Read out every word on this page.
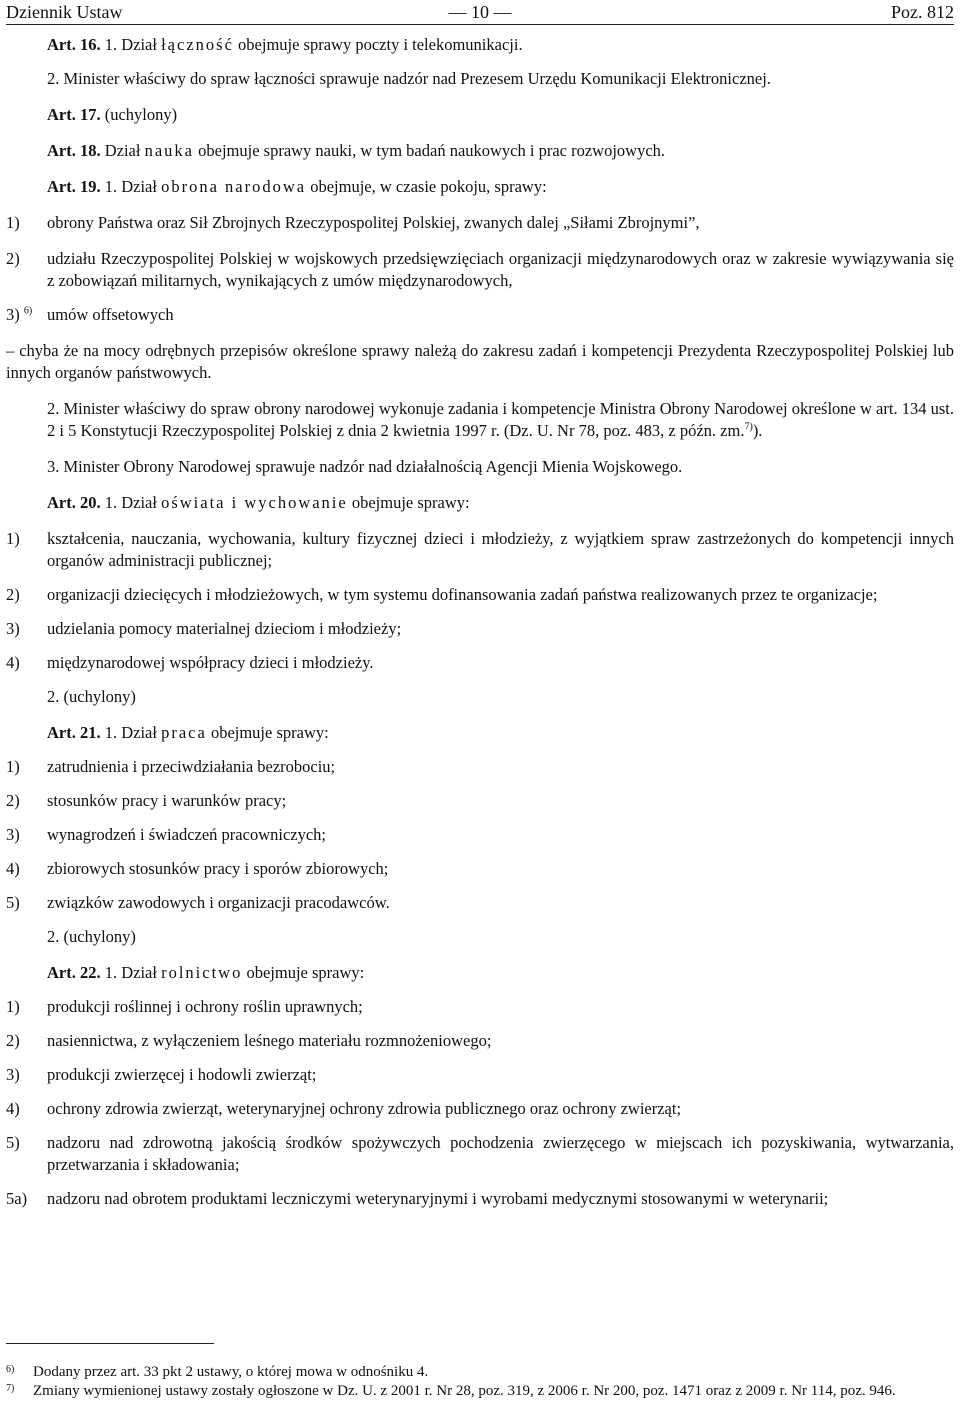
Dziennik Ustaw	— 10 —	Poz. 812

Art. 16. 1. Dział łączność obejmuje sprawy poczty i telekomunikacji.

2. Minister właściwy do spraw łączności sprawuje nadzór nad Prezesem Urzędu Komunikacji Elektronicznej.

Art. 17. (uchylony)

Art. 18. Dział nauka obejmuje sprawy nauki, w tym badań naukowych i prac rozwojowych.

Art. 19. 1. Dział obrona narodowa obejmuje, w czasie pokoju, sprawy:

1)	obrony Państwa oraz Sił Zbrojnych Rzeczypospolitej Polskiej, zwanych dalej „Siłami Zbrojnymi”,
2)	udziału Rzeczypospolitej Polskiej w wojskowych przedsięwzięciach organizacji międzynarodowych oraz w zakresie wywiązywania się z zobowiązań militarnych, wynikających z umów międzynarodowych,
3) $^{6)}$ umów offsetowych

– chyba że na mocy odrębnych przepisów określone sprawy należą do zakresu zadań i kompetencji Prezydenta Rzeczypospolitej Polskiej lub innych organów państwowych.

2. Minister właściwy do spraw obrony narodowej wykonuje zadania i kompetencje Ministra Obrony Narodowej określone w art. 134 ust. 2 i 5 Konstytucji Rzeczypospolitej Polskiej z dnia 2 kwietnia 1997 r. (Dz. U. Nr 78, poz. 483, z późn. zm.$^{7)}$).

3. Minister Obrony Narodowej sprawuje nadzór nad działalnością Agencji Mienia Wojskowego.

Art. 20. 1. Dział oświata i wychowanie obejmuje sprawy:

1)	kształcenia, nauczania, wychowania, kultury fizycznej dzieci i młodzieży, z wyjątkiem spraw zastrzeżonych do kompetencji innych organów administracji publicznej;
2)	organizacji dziecięcych i młodzieżowych, w tym systemu dofinansowania zadań państwa realizowanych przez te organizacje;
3)	udzielania pomocy materialnej dzieciom i młodzieży;
4)	międzynarodowej współpracy dzieci i młodzieży.

2. (uchylony)

Art. 21. 1. Dział praca obejmuje sprawy:

1)	zatrudnienia i przeciwdziałania bezrobociu;
2)	stosunków pracy i warunków pracy;
3)	wynagrodzeń i świadczeń pracowniczych;
4)	zbiorowych stosunków pracy i sporów zbiorowych;
5)	związków zawodowych i organizacji pracodawców.

2. (uchylony)

Art. 22. 1. Dział rolnictwo obejmuje sprawy:

1)	produkcji roślinnej i ochrony roślin uprawnych;
2)	nasiennictwa, z wyłączeniem leśnego materiału rozmnożeniowego;
3)	produkcji zwierzęcej i hodowli zwierząt;
4)	ochrony zdrowia zwierząt, weterynaryjnej ochrony zdrowia publicznego oraz ochrony zwierząt;
5)	nadzoru nad zdrowotną jakością środków spożywczych pochodzenia zwierzęcego w miejscach ich pozyskiwania, wytwarzania, przetwarzania i składowania;
5a)	nadzoru nad obrotem produktami leczniczymi weterynaryjnymi i wyrobami medycznymi stosowanymi w weterynarii;
6)	Dodany przez art. 33 pkt 2 ustawy, o której mowa w odnośniku 4.
7)	Zmiany wymienionej ustawy zostały ogłoszone w Dz. U. z 2001 r. Nr 28, poz. 319, z 2006 r. Nr 200, poz. 1471 oraz z 2009 r. Nr 114, poz. 946.
